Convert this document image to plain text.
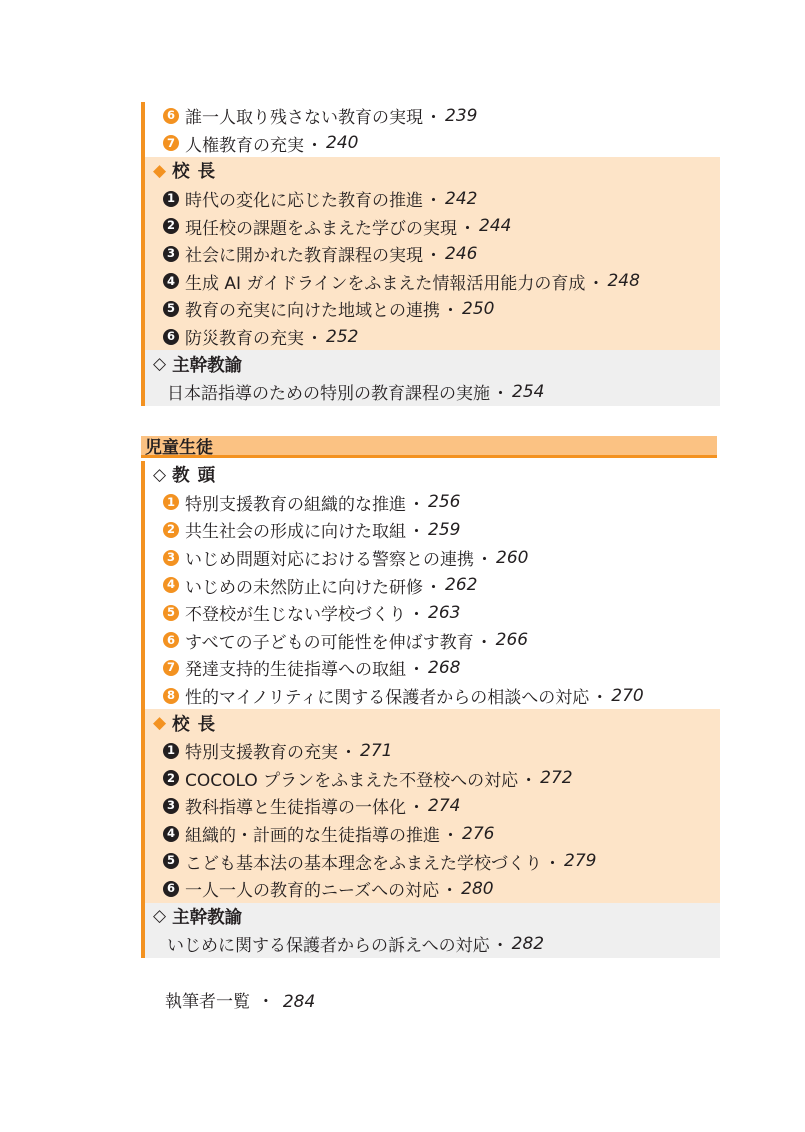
6 誰一人取り残さない教育の実現 ・ 239
7 人権教育の充実 ・ 240
◆ 校 長
1 時代の変化に応じた教育の推進 ・ 242
2 現任校の課題をふまえた学びの実現 ・ 244
3 社会に開かれた教育課程の実現 ・ 246
4 生成 AI ガイドラインをふまえた情報活用能力の育成 ・ 248
5 教育の充実に向けた地域との連携 ・ 250
6 防災教育の充実 ・ 252
◇ 主幹教諭
日本語指導のための特別の教育課程の実施 ・ 254
児童生徒
◇ 教 頭
1 特別支援教育の組織的な推進 ・ 256
2 共生社会の形成に向けた取組 ・ 259
3 いじめ問題対応における警察との連携 ・ 260
4 いじめの未然防止に向けた研修 ・ 262
5 不登校が生じない学校づくり ・ 263
6 すべての子どもの可能性を伸ばす教育 ・ 266
7 発達支持的生徒指導への取組 ・ 268
8 性的マイノリティに関する保護者からの相談への対応 ・ 270
◆ 校 長
1 特別支援教育の充実 ・ 271
2 COCOLO プランをふまえた不登校への対応 ・ 272
3 教科指導と生徒指導の一体化 ・ 274
4 組織的・計画的な生徒指導の推進 ・ 276
5 こども基本法の基本理念をふまえた学校づくり ・ 279
6 一人一人の教育的ニーズへの対応 ・ 280
◇ 主幹教諭
いじめに関する保護者からの訴えへの対応 ・ 282
執筆者一覧 ・ 284
